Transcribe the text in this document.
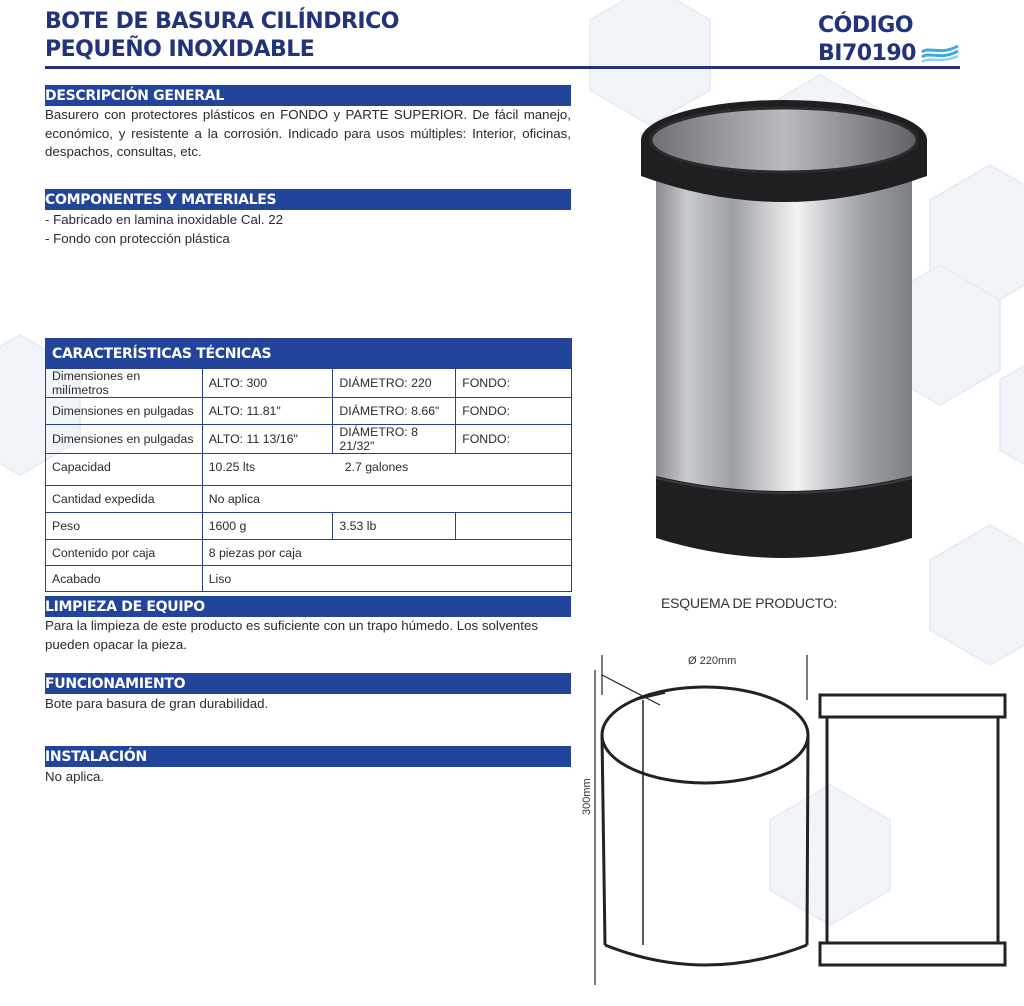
BOTE DE BASURA CILÍNDRICO
PEQUEÑO INOXIDABLE
CÓDIGO
BI70190
DESCRIPCIÓN GENERAL
Basurero con protectores plásticos en FONDO y PARTE SUPERIOR. De fácil manejo, económico, y resistente a la corrosión. Indicado para usos múltiples: Interior, oficinas, despachos, consultas, etc.
COMPONENTES Y MATERIALES

- Fabricado en lamina inoxidable Cal. 22

- Fondo con protección plástica

CARACTERÍSTICAS TÉCNICAS			
Dimensiones en milímetros	ALTO: 300	DIÁMETRO: 220	FONDO:
Dimensiones en pulgadas	ALTO: 11.81"	DIÁMETRO: 8.66"	FONDO:
Dimensiones en pulgadas	ALTO: 11 13/16"	DIÁMETRO: 8 21/32"	FONDO:
Capacidad	10.25 lts 2.7 galones		
Cantidad expedida	No aplica		
Peso	1600 g	3.53 lb	
Contenido por caja	8 piezas por caja		
Acabado	Liso		
LIMPIEZA DE EQUIPO
Para la limpieza de este producto es suficiente con un trapo húmedo. Los solventes pueden opacar la pieza.
FUNCIONAMIENTO
Bote para basura de gran durabilidad.
INSTALACIÓN
No aplica.
ESQUEMA DE PRODUCTO:
Ø 220mm
300mm
